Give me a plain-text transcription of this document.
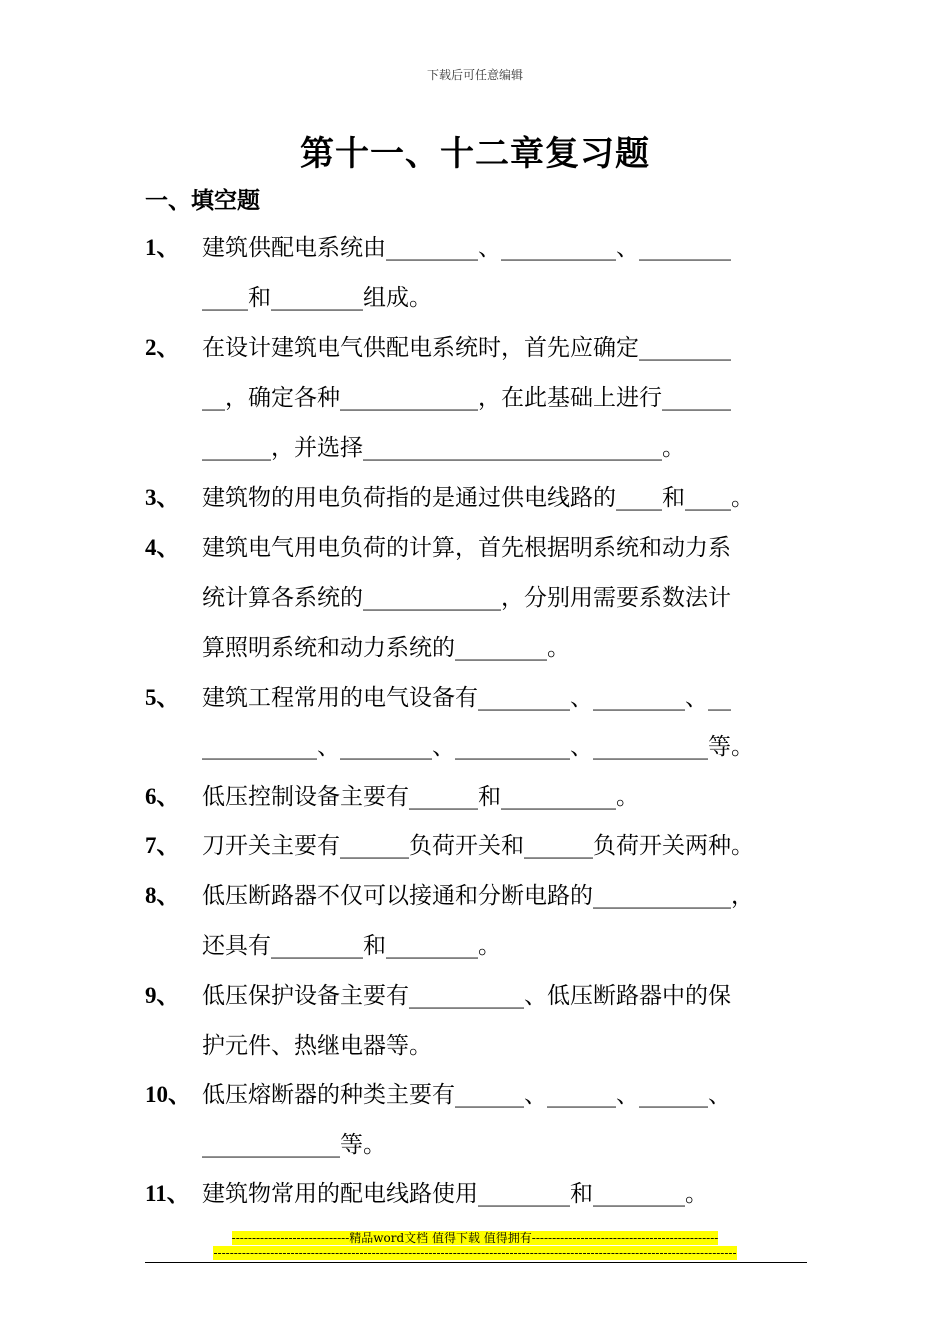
下载后可任意编辑
第十一、十二章复习题
一、填空题
1、 建筑供配电系统由________、__________、________
____和________组成。
2、 在设计建筑电气供配电系统时，首先应确定________
__，确定各种____________，在此基础上进行______
______，并选择__________________________。
3、 建筑物的用电负荷指的是通过供电线路的____和____。
4、 建筑电气用电负荷的计算，首先根据明系统和动力系
统计算各系统的____________，分别用需要系数法计
算照明系统和动力系统的________。
5、 建筑工程常用的电气设备有________、________、__
__________、________、__________、__________等。
6、 低压控制设备主要有______和__________。
7、 刀开关主要有______负荷开关和______负荷开关两种。
8、 低压断路器不仅可以接通和分断电路的____________，
还具有________和________。
9、 低压保护设备主要有__________、低压断路器中的保
护元件、热继电器等。
10、 低压熔断器的种类主要有______、______、______、
____________等。
11、 建筑物常用的配电线路使用________和________。
-----------------------------精品word文档 值得下载 值得拥有----------------------------------------------
---------------------------------------------------------------------------------------------------------------------------------
